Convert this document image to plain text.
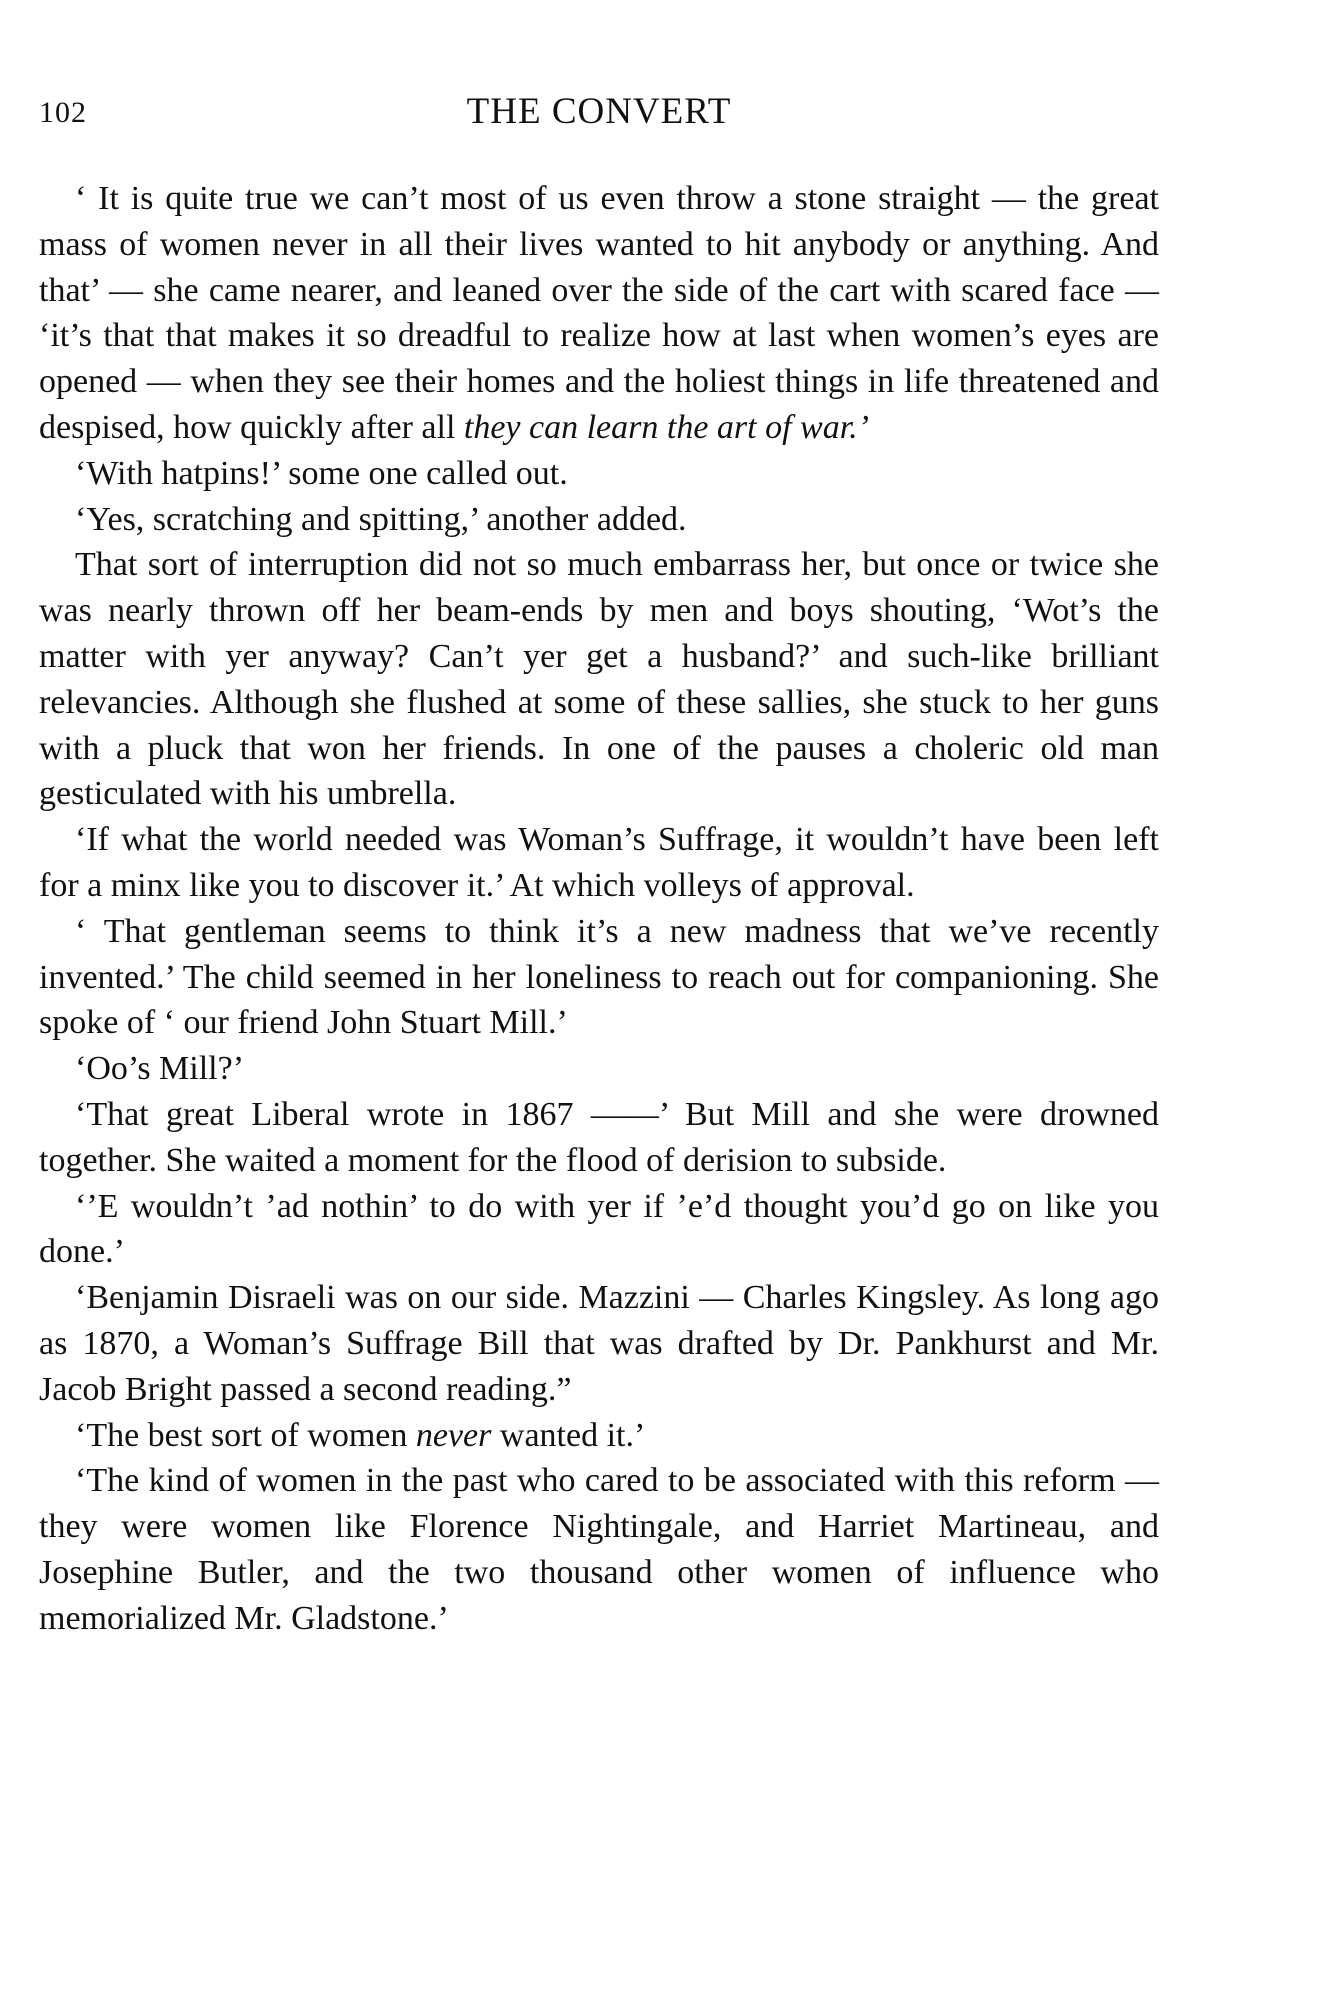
102	THE CONVERT

‘ It is quite true we can’t most of us even throw a stone straight — the great mass of women never in all their lives wanted to hit anybody or anything. And that’ — she came nearer, and leaned over the side of the cart with scared face — ‘it’s that that makes it so dreadful to realize how at last when women’s eyes are opened — when they see their homes and the holiest things in life threatened and despised, how quickly after all they can learn the art of war.’

‘With hatpins!’ some one called out.

‘Yes, scratching and spitting,’ another added.

That sort of interruption did not so much embarrass her, but once or twice she was nearly thrown off her beam-ends by men and boys shouting, ‘Wot’s the matter with yer anyway? Can’t yer get a husband?’ and such-like brilliant relevancies. Although she flushed at some of these sallies, she stuck to her guns with a pluck that won her friends. In one of the pauses a choleric old man gesticulated with his umbrella.

‘If what the world needed was Woman’s Suffrage, it wouldn’t have been left for a minx like you to discover it.’ At which volleys of approval.

‘ That gentleman seems to think it’s a new madness that we’ve recently invented.’ The child seemed in her loneliness to reach out for companioning. She spoke of ‘ our friend John Stuart Mill.’

‘Oo’s Mill?’

‘That great Liberal wrote in 1867 ——’ But Mill and she were drowned together. She waited a moment for the flood of derision to subside.

‘’E wouldn’t ’ad nothin’ to do with yer if ’e’d thought you’d go on like you done.’

‘Benjamin Disraeli was on our side. Mazzini — Charles Kingsley. As long ago as 1870, a Woman’s Suffrage Bill that was drafted by Dr. Pankhurst and Mr. Jacob Bright passed a second reading.”

‘The best sort of women never wanted it.’

‘The kind of women in the past who cared to be associated with this reform — they were women like Florence Nightingale, and Harriet Martineau, and Josephine Butler, and the two thousand other women of influence who memorialized Mr. Gladstone.’
